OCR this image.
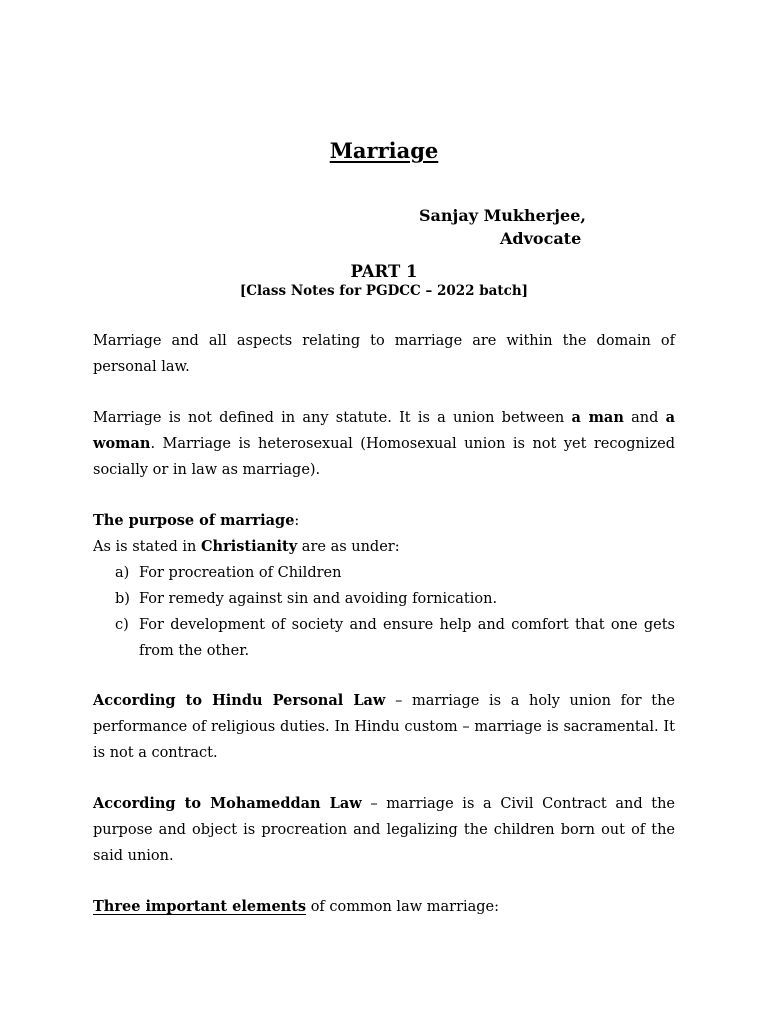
Marriage
Sanjay Mukherjee,
Advocate
PART 1
[Class Notes for PGDCC – 2022 batch]

Marriage and all aspects relating to marriage are within the domain of personal law.

Marriage is not defined in any statute. It is a union between a man and a woman. Marriage is heterosexual (Homosexual union is not yet recognized socially or in law as marriage).

The purpose of marriage:

As is stated in Christianity are as under:

a) For procreation of Children
b) For remedy against sin and avoiding fornication.
c) For development of society and ensure help and comfort that one gets from the other.

According to Hindu Personal Law – marriage is a holy union for the performance of religious duties. In Hindu custom – marriage is sacramental. It is not a contract.

According to Mohameddan Law – marriage is a Civil Contract and the purpose and object is procreation and legalizing the children born out of the said union.

Three important elements of common law marriage:
